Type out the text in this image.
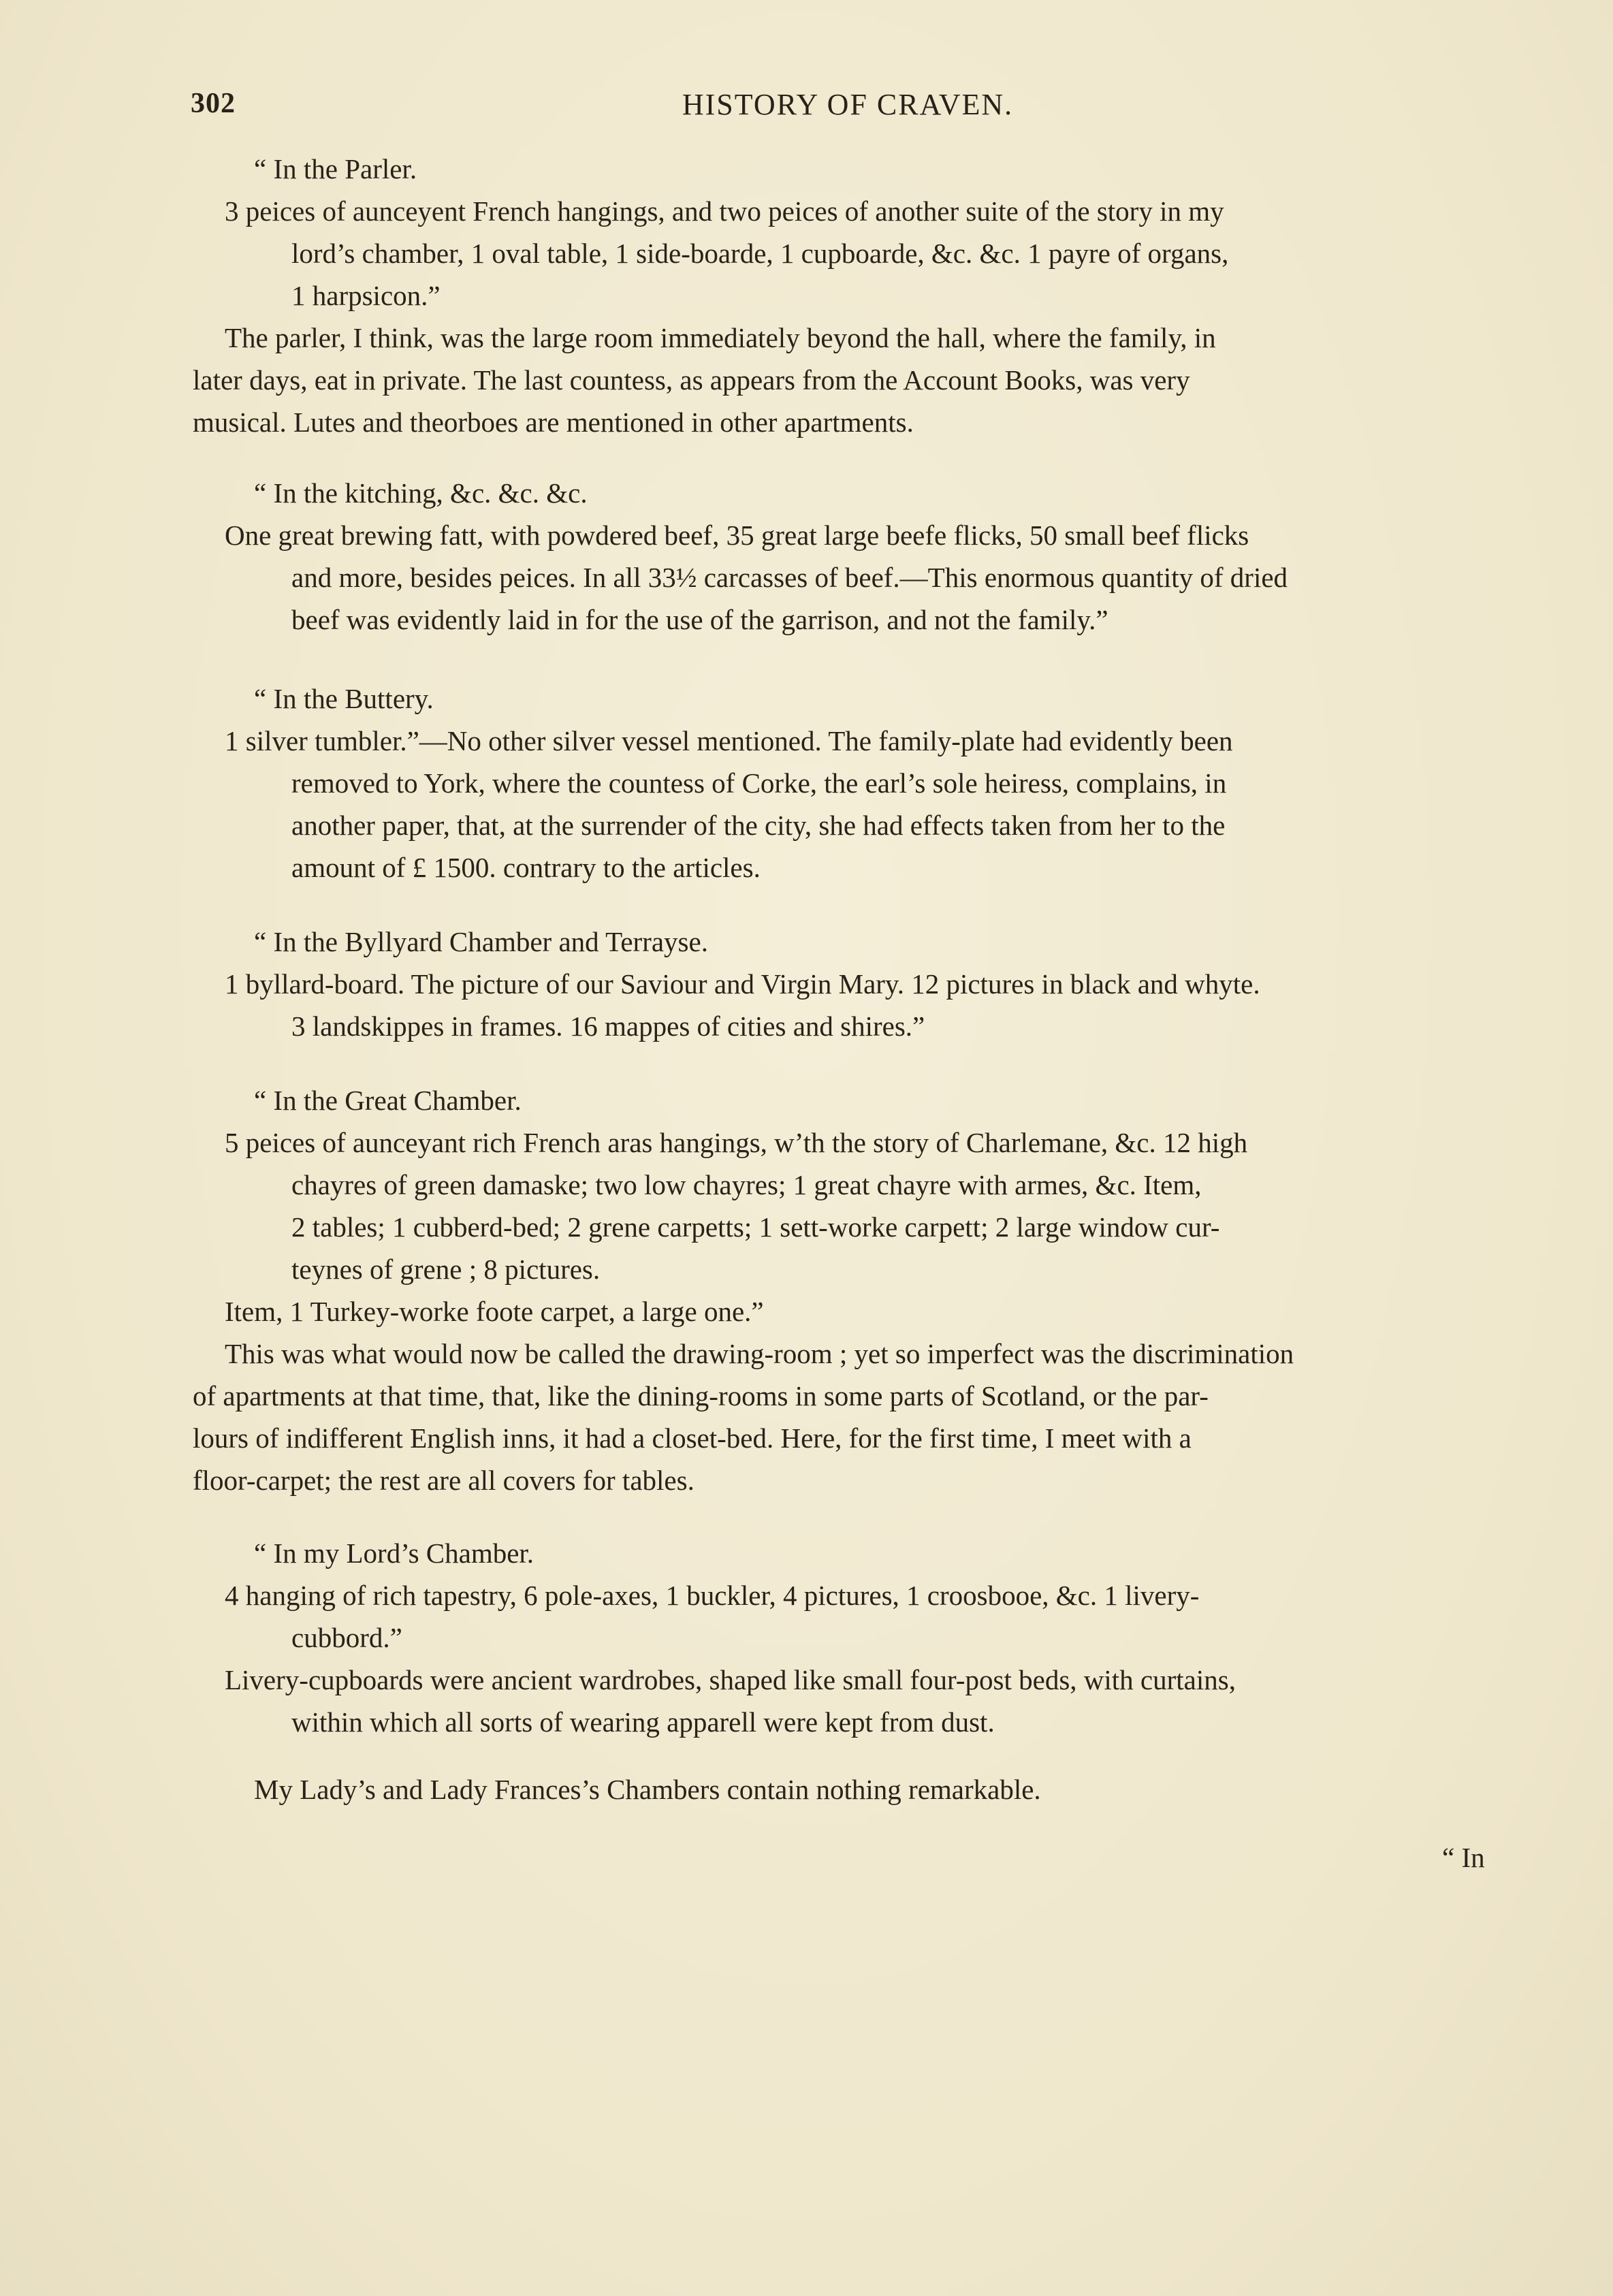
302	HISTORY OF CRAVEN.
“ In the Parler.
3 peices of aunceyent French hangings, and two peices of another suite of the story in my
lord’s chamber, 1 oval table, 1 side-boarde, 1 cupboarde, &c. &c. 1 payre of organs,
1 harpsicon.”
The parler, I think, was the large room immediately beyond the hall, where the family, in
later days, eat in private. The last countess, as appears from the Account Books, was very
musical. Lutes and theorboes are mentioned in other apartments.
“ In the kitching, &c. &c. &c.
One great brewing fatt, with powdered beef, 35 great large beefe flicks, 50 small beef flicks
and more, besides peices. In all 33½ carcasses of beef.—This enormous quantity of dried
beef was evidently laid in for the use of the garrison, and not the family.”
“ In the Buttery.
1 silver tumbler.”—No other silver vessel mentioned. The family-plate had evidently been
removed to York, where the countess of Corke, the earl’s sole heiress, complains, in
another paper, that, at the surrender of the city, she had effects taken from her to the
amount of £ 1500. contrary to the articles.
“ In the Byllyard Chamber and Terrayse.
1 byllard-board. The picture of our Saviour and Virgin Mary. 12 pictures in black and whyte.
3 landskippes in frames. 16 mappes of cities and shires.”
“ In the Great Chamber.
5 peices of aunceyant rich French aras hangings, w’th the story of Charlemane, &c. 12 high
chayres of green damaske; two low chayres; 1 great chayre with armes, &c. Item,
2 tables; 1 cubberd-bed; 2 grene carpetts; 1 sett-worke carpett; 2 large window cur-
teynes of grene ; 8 pictures.
Item, 1 Turkey-worke foote carpet, a large one.”
This was what would now be called the drawing-room ; yet so imperfect was the discrimination
of apartments at that time, that, like the dining-rooms in some parts of Scotland, or the par-
lours of indifferent English inns, it had a closet-bed. Here, for the first time, I meet with a
floor-carpet; the rest are all covers for tables.
“ In my Lord’s Chamber.
4 hanging of rich tapestry, 6 pole-axes, 1 buckler, 4 pictures, 1 croosbooe, &c. 1 livery-
cubbord.”
Livery-cupboards were ancient wardrobes, shaped like small four-post beds, with curtains,
within which all sorts of wearing apparell were kept from dust.
My Lady’s and Lady Frances’s Chambers contain nothing remarkable.
“ In
